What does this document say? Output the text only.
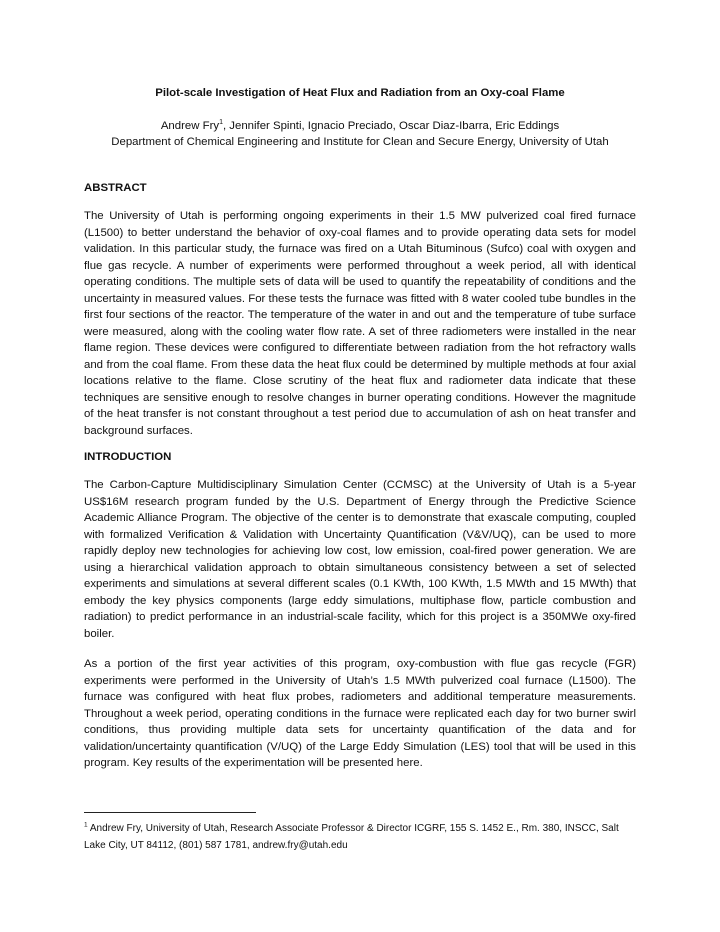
Pilot-scale Investigation of Heat Flux and Radiation from an Oxy-coal Flame
Andrew Fry$^1$, Jennifer Spinti, Ignacio Preciado, Oscar Diaz-Ibarra, Eric Eddings
Department of Chemical Engineering and Institute for Clean and Secure Energy, University of Utah
ABSTRACT
The University of Utah is performing ongoing experiments in their 1.5 MW pulverized coal fired furnace (L1500) to better understand the behavior of oxy-coal flames and to provide operating data sets for model validation. In this particular study, the furnace was fired on a Utah Bituminous (Sufco) coal with oxygen and flue gas recycle. A number of experiments were performed throughout a week period, all with identical operating conditions. The multiple sets of data will be used to quantify the repeatability of conditions and the uncertainty in measured values. For these tests the furnace was fitted with 8 water cooled tube bundles in the first four sections of the reactor. The temperature of the water in and out and the temperature of tube surface were measured, along with the cooling water flow rate. A set of three radiometers were installed in the near flame region. These devices were configured to differentiate between radiation from the hot refractory walls and from the coal flame. From these data the heat flux could be determined by multiple methods at four axial locations relative to the flame. Close scrutiny of the heat flux and radiometer data indicate that these techniques are sensitive enough to resolve changes in burner operating conditions. However the magnitude of the heat transfer is not constant throughout a test period due to accumulation of ash on heat transfer and background surfaces.
INTRODUCTION
The Carbon-Capture Multidisciplinary Simulation Center (CCMSC) at the University of Utah is a 5-year US$16M research program funded by the U.S. Department of Energy through the Predictive Science Academic Alliance Program. The objective of the center is to demonstrate that exascale computing, coupled with formalized Verification & Validation with Uncertainty Quantification (V&V/UQ), can be used to more rapidly deploy new technologies for achieving low cost, low emission, coal-fired power generation. We are using a hierarchical validation approach to obtain simultaneous consistency between a set of selected experiments and simulations at several different scales (0.1 KWth, 100 KWth, 1.5 MWth and 15 MWth) that embody the key physics components (large eddy simulations, multiphase flow, particle combustion and radiation) to predict performance in an industrial-scale facility, which for this project is a 350MWe oxy-fired boiler.
As a portion of the first year activities of this program, oxy-combustion with flue gas recycle (FGR) experiments were performed in the University of Utah’s 1.5 MWth pulverized coal furnace (L1500). The furnace was configured with heat flux probes, radiometers and additional temperature measurements. Throughout a week period, operating conditions in the furnace were replicated each day for two burner swirl conditions, thus providing multiple data sets for uncertainty quantification of the data and for validation/uncertainty quantification (V/UQ) of the Large Eddy Simulation (LES) tool that will be used in this program. Key results of the experimentation will be presented here.
$^1$ Andrew Fry, University of Utah, Research Associate Professor & Director ICGRF, 155 S. 1452 E., Rm. 380, INSCC, Salt Lake City, UT 84112, (801) 587 1781, andrew.fry@utah.edu
